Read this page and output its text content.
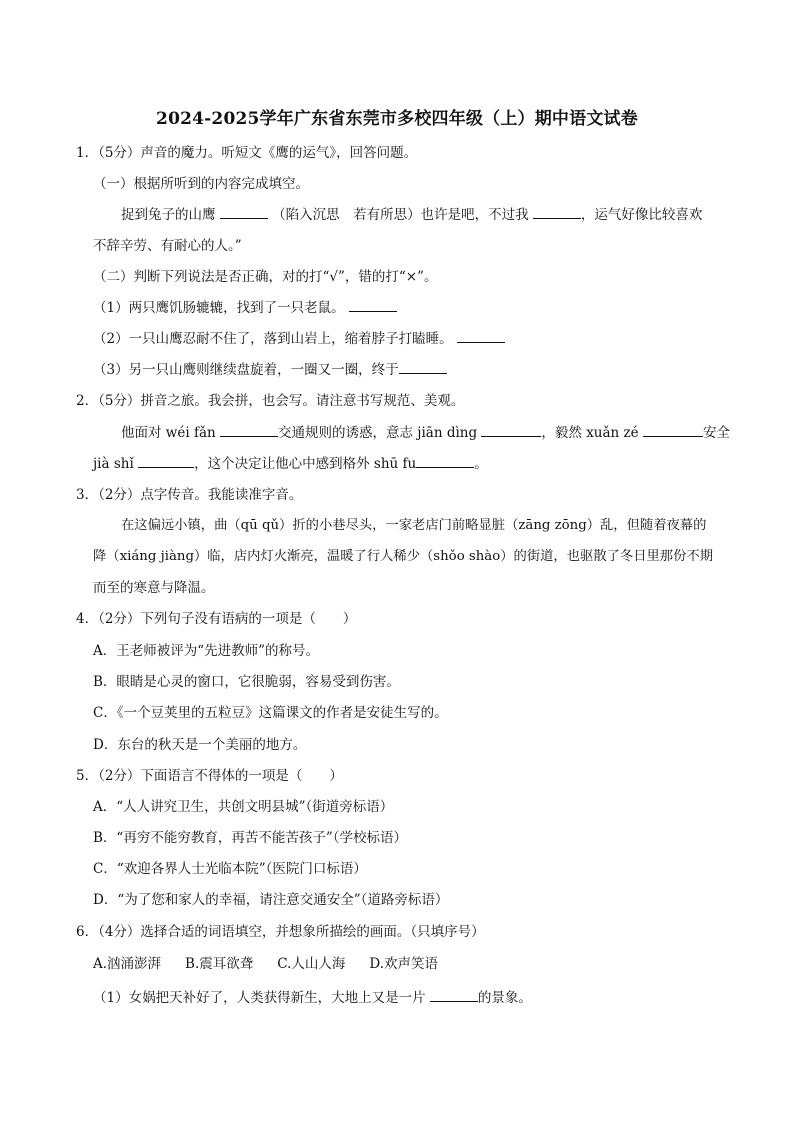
2024-2025学年广东省东莞市多校四年级（上）期中语文试卷
1．（5分）声音的魔力。听短文《鹰的运气》，回答问题。
（一）根据所听到的内容完成填空。
捉到兔子的山鹰	（陷入沉思　若有所思）也许是吧，不过我	，运气好像比较喜欢
不辞辛劳、有耐心的人。”
（二）判断下列说法是否正确，对的打“√”，错的打“×”。
（1）两只鹰饥肠辘辘，找到了一只老鼠。
（2）一只山鹰忍耐不住了，落到山岩上，缩着脖子打瞌睡。
（3）另一只山鹰则继续盘旋着，一圈又一圈，终于
2．（5分）拼音之旅。我会拼，也会写。请注意书写规范、美观。
他面对 wéi fǎn	交通规则的诱惑，意志 jiān dìng	，毅然 xuǎn zé	安全
jià shǐ	，这个决定让他心中感到格外 shū fu	。
3．（2分）点字传音。我能读准字音。
在这偏远小镇，曲（qū qǔ）折的小巷尽头，一家老店门前略显脏（zāng zōng）乱，但随着夜幕的
降（xiáng jiàng）临，店内灯火渐亮，温暖了行人稀少（shǒo shào）的街道，也驱散了冬日里那份不期
而至的寒意与降温。
4．（2分）下列句子没有语病的一项是（　　）
A．王老师被评为“先进教师”的称号。
B．眼睛是心灵的窗口，它很脆弱，容易受到伤害。
C．《一个豆荚里的五粒豆》这篇课文的作者是安徒生写的。
D．东台的秋天是一个美丽的地方。
5．（2分）下面语言不得体的一项是（　　）
A．“人人讲究卫生，共创文明县城”（街道旁标语）
B．“再穷不能穷教育，再苦不能苦孩子”（学校标语）
C．“欢迎各界人士光临本院”（医院门口标语）
D．“为了您和家人的幸福，请注意交通安全”（道路旁标语）
6．（4分）选择合适的词语填空，并想象所描绘的画面。（只填序号）
A.汹涌澎湃 B.震耳欲聋 C.人山人海 D.欢声笑语
（1）女娲把天补好了，人类获得新生，大地上又是一片	的景象。
